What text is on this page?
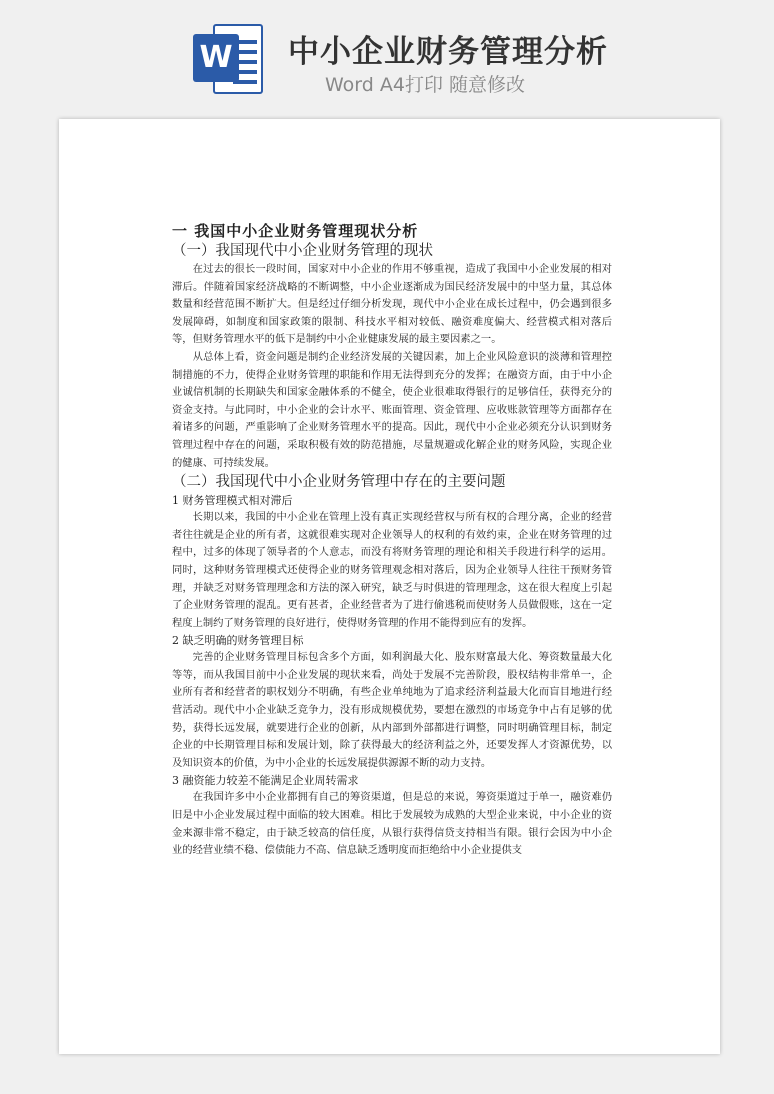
W 中小企业财务管理分析
Word A4打印 随意修改

一 我国中小企业财务管理现状分析

（一）我国现代中小企业财务管理的现状

在过去的很长一段时间，国家对中小企业的作用不够重视，造成了我国中小企业发展的相对滞后。伴随着国家经济战略的不断调整，中小企业逐渐成为国民经济发展中的中坚力量，其总体数量和经营范围不断扩大。但是经过仔细分析发现，现代中小企业在成长过程中，仍会遇到很多发展障碍，如制度和国家政策的限制、科技水平相对较低、融资难度偏大、经营模式相对落后等，但财务管理水平的低下是制约中小企业健康发展的最主要因素之一。

从总体上看，资金问题是制约企业经济发展的关键因素，加上企业风险意识的淡薄和管理控制措施的不力，使得企业财务管理的职能和作用无法得到充分的发挥；在融资方面，由于中小企业诚信机制的长期缺失和国家金融体系的不健全，使企业很难取得银行的足够信任，获得充分的资金支持。与此同时，中小企业的会计水平、账面管理、资金管理、应收账款管理等方面都存在着诸多的问题，严重影响了企业财务管理水平的提高。因此，现代中小企业必须充分认识到财务管理过程中存在的问题，采取积极有效的防范措施，尽量规避或化解企业的财务风险，实现企业的健康、可持续发展。

（二）我国现代中小企业财务管理中存在的主要问题

1 财务管理模式相对滞后

长期以来，我国的中小企业在管理上没有真正实现经营权与所有权的合理分离，企业的经营者往往就是企业的所有者，这就很难实现对企业领导人的权利的有效约束，企业在财务管理的过程中，过多的体现了领导者的个人意志，而没有将财务管理的理论和相关手段进行科学的运用。同时，这种财务管理模式还使得企业的财务管理观念相对落后，因为企业领导人往往干预财务管理，并缺乏对财务管理理念和方法的深入研究，缺乏与时俱进的管理理念，这在很大程度上引起了企业财务管理的混乱。更有甚者，企业经营者为了进行偷逃税而使财务人员做假账，这在一定程度上制约了财务管理的良好进行，使得财务管理的作用不能得到应有的发挥。

2 缺乏明确的财务管理目标

完善的企业财务管理目标包含多个方面，如利润最大化、股东财富最大化、筹资数量最大化等等，而从我国目前中小企业发展的现状来看，尚处于发展不完善阶段，股权结构非常单一，企业所有者和经营者的职权划分不明确，有些企业单纯地为了追求经济利益最大化而盲目地进行经营活动。现代中小企业缺乏竞争力，没有形成规模优势，要想在激烈的市场竞争中占有足够的优势，获得长远发展，就要进行企业的创新，从内部到外部都进行调整，同时明确管理目标，制定企业的中长期管理目标和发展计划，除了获得最大的经济利益之外，还要发挥人才资源优势，以及知识资本的价值，为中小企业的长远发展提供源源不断的动力支持。

3 融资能力较差不能满足企业周转需求

在我国许多中小企业都拥有自己的筹资渠道，但是总的来说，筹资渠道过于单一，融资难仍旧是中小企业发展过程中面临的较大困难。相比于发展较为成熟的大型企业来说，中小企业的资金来源非常不稳定，由于缺乏较高的信任度，从银行获得信贷支持相当有限。银行会因为中小企业的经营业绩不稳、偿债能力不高、信息缺乏透明度而拒绝给中小企业提供支
